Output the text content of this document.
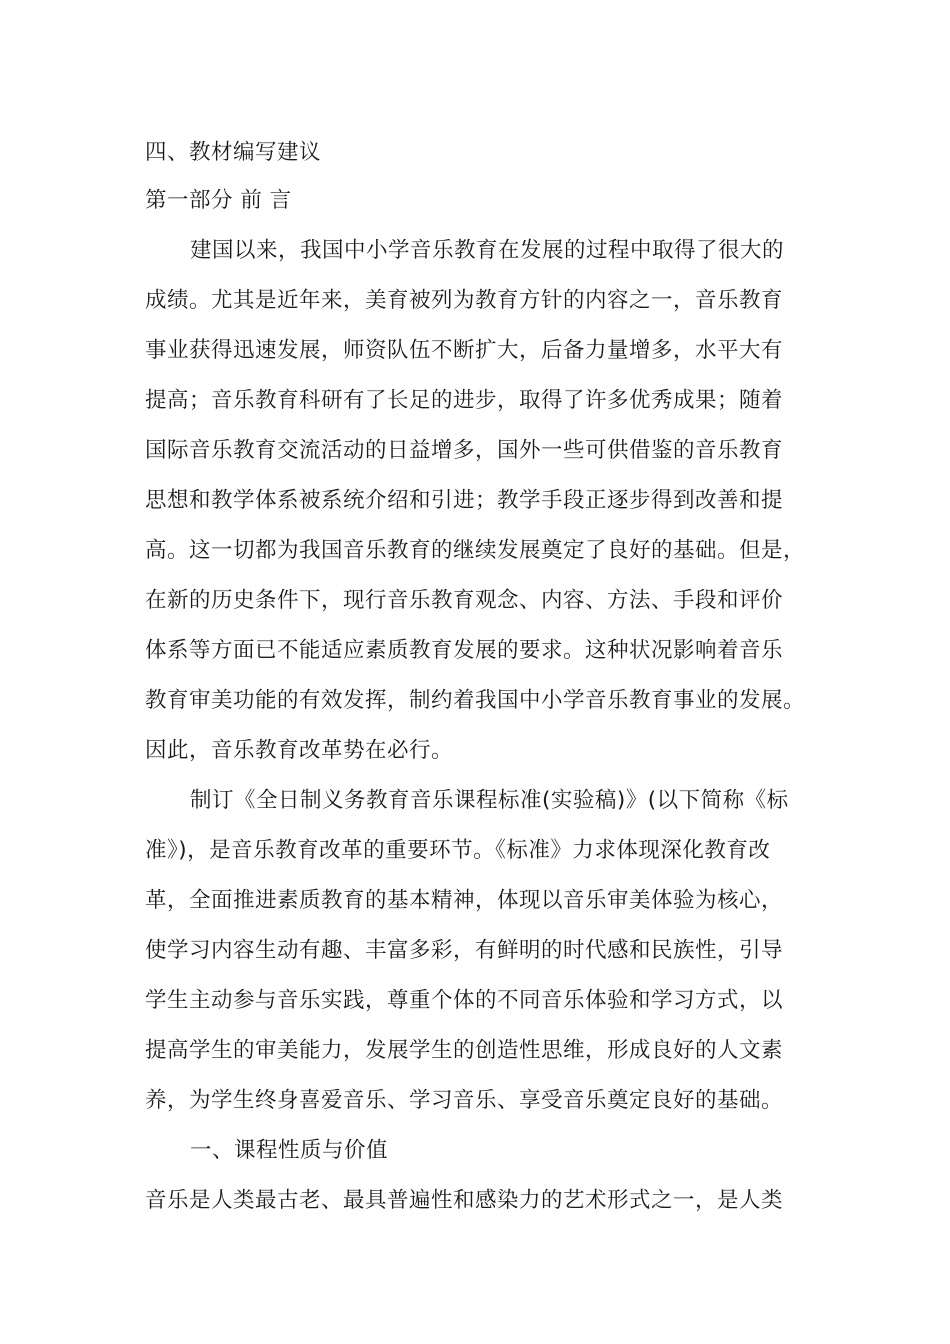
四、教材编写建议
第一部分 前 言
建国以来，我国中小学音乐教育在发展的过程中取得了很大的
成绩。尤其是近年来，美育被列为教育方针的内容之一，音乐教育
事业获得迅速发展，师资队伍不断扩大，后备力量增多，水平大有
提高；音乐教育科研有了长足的进步，取得了许多优秀成果；随着
国际音乐教育交流活动的日益增多，国外一些可供借鉴的音乐教育
思想和教学体系被系统介绍和引进；教学手段正逐步得到改善和提
高。这一切都为我国音乐教育的继续发展奠定了良好的基础。但是，
在新的历史条件下，现行音乐教育观念、内容、方法、手段和评价
体系等方面已不能适应素质教育发展的要求。这种状况影响着音乐
教育审美功能的有效发挥，制约着我国中小学音乐教育事业的发展。
因此，音乐教育改革势在必行。
制订《全日制义务教育音乐课程标准(实验稿)》(以下简称《标
准》)，是音乐教育改革的重要环节。《标准》力求体现深化教育改
革，全面推进素质教育的基本精神，体现以音乐审美体验为核心，
使学习内容生动有趣、丰富多彩，有鲜明的时代感和民族性，引导
学生主动参与音乐实践，尊重个体的不同音乐体验和学习方式，以
提高学生的审美能力，发展学生的创造性思维，形成良好的人文素
养，为学生终身喜爱音乐、学习音乐、享受音乐奠定良好的基础。
一、课程性质与价值
音乐是人类最古老、最具普遍性和感染力的艺术形式之一，是人类
